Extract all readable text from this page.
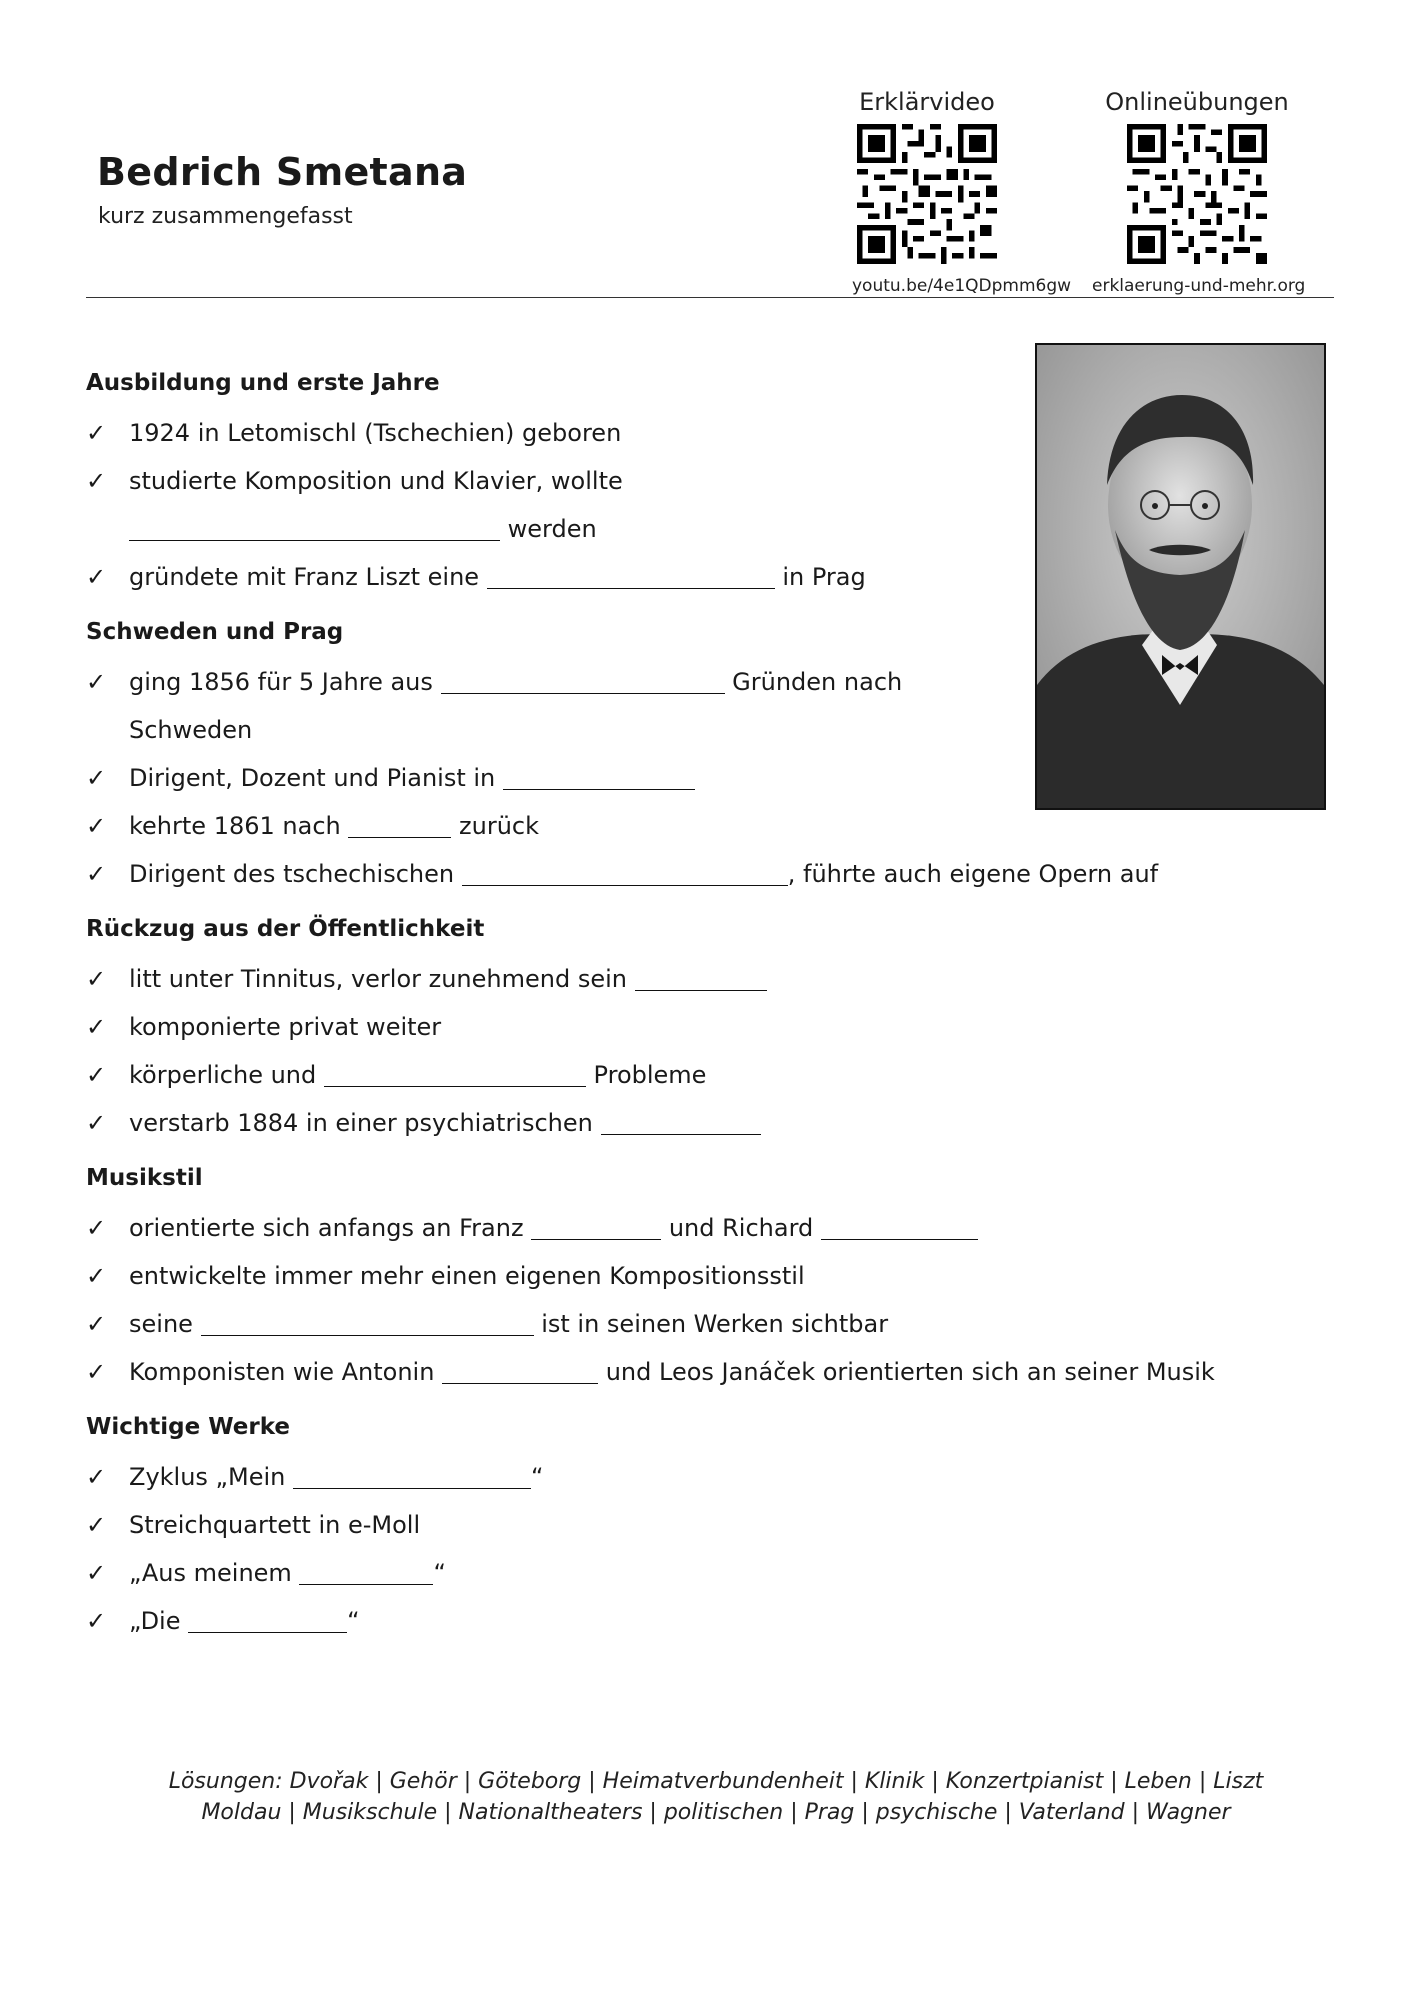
Bedrich Smetana
kurz zusammengefasst
Erklärvideo
youtu.be/4e1QDpmm6gw
Onlineübungen
erklaerung-und-mehr.org
Ausbildung und erste Jahre
✓ 1924 in Letomischl (Tschechien) geboren
✓ studierte Komposition und Klavier, wollte
werden
✓ gründete mit Franz Liszt eine	in Prag
Schweden und Prag
✓ ging 1856 für 5 Jahre aus	Gründen nach
Schweden
✓ Dirigent, Dozent und Pianist in
✓ kehrte 1861 nach	zurück
✓ Dirigent des tschechischen	, führte auch eigene Opern auf
Rückzug aus der Öffentlichkeit
✓ litt unter Tinnitus, verlor zunehmend sein
✓ komponierte privat weiter
✓ körperliche und	Probleme
✓ verstarb 1884 in einer psychiatrischen
Musikstil
✓ orientierte sich anfangs an Franz	und Richard
✓ entwickelte immer mehr einen eigenen Kompositionsstil
✓ seine	ist in seinen Werken sichtbar
✓ Komponisten wie Antonin	und Leos Janáček orientierten sich an seiner Musik
Wichtige Werke
✓ Zyklus „Mein	“
✓ Streichquartett in e-Moll
✓ „Aus meinem	“
✓ „Die	“
Lösungen: Dvořak | Gehör | Göteborg | Heimatverbundenheit | Klinik | Konzertpianist | Leben | Liszt
Moldau | Musikschule | Nationaltheaters | politischen | Prag | psychische | Vaterland | Wagner
